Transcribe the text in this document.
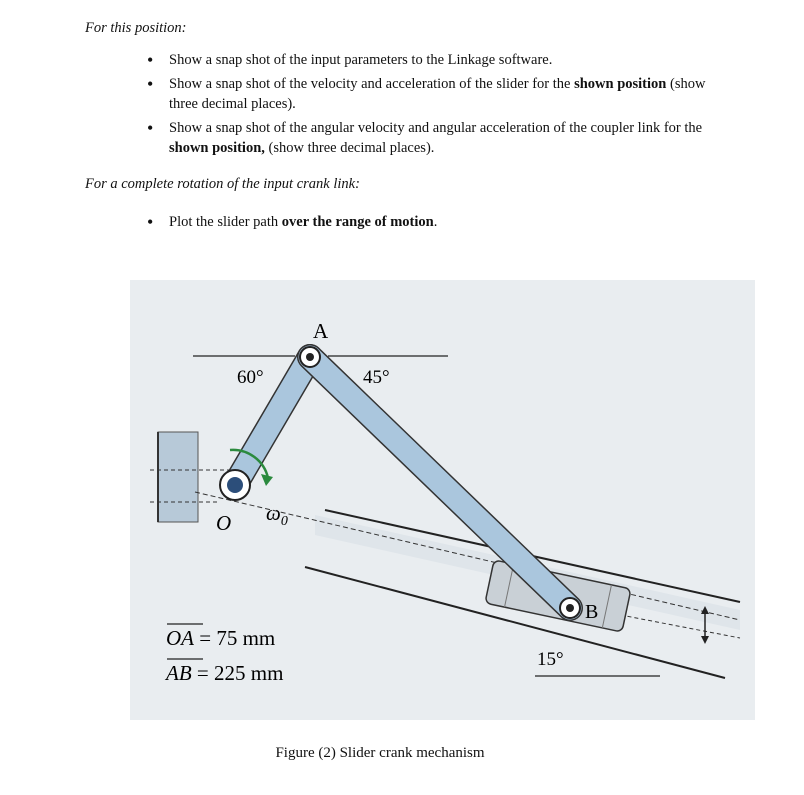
For this position:
• Show a snap shot of the input parameters to the Linkage software.
• Show a snap shot of the velocity and acceleration of the slider for the shown position (show three decimal places).
• Show a snap shot of the angular velocity and angular acceleration of the coupler link for the shown position, (show three decimal places).
For a complete rotation of the input crank link:
• Plot the slider path over the range of motion.
A
O
B
60°	45°
15°
$\omega_0$
OA = 75 mm
AB = 225 mm
Figure (2) Slider crank mechanism
